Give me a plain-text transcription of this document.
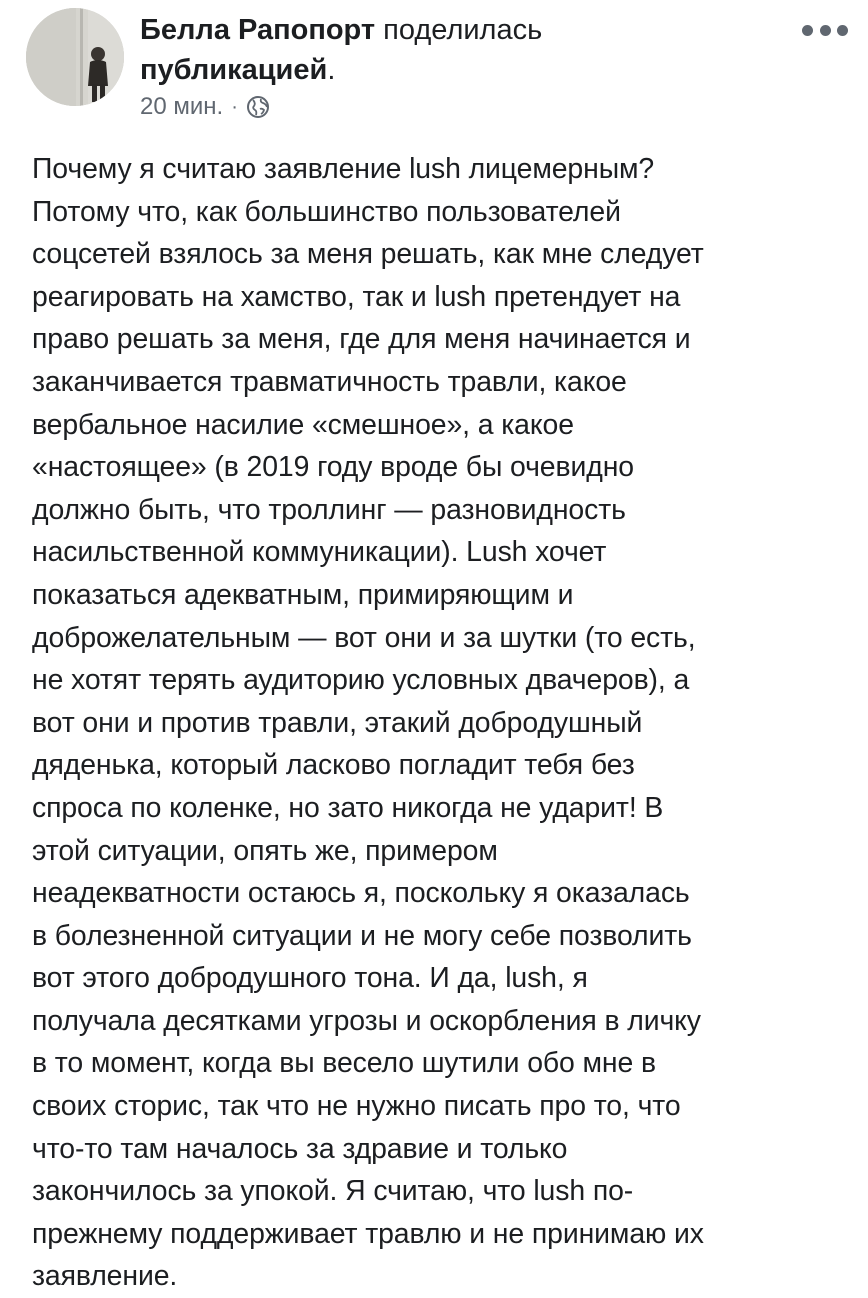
Белла Рапопорт поделилась
публикацией.
20 мин. ·
Почему я считаю заявление lush лицемерным?
Потому что, как большинство пользователей
соцсетей взялось за меня решать, как мне следует
реагировать на хамство, так и lush претендует на
право решать за меня, где для меня начинается и
заканчивается травматичность травли, какое
вербальное насилие «смешное», а какое
«настоящее» (в 2019 году вроде бы очевидно
должно быть, что троллинг — разновидность
насильственной коммуникации). Lush хочет
показаться адекватным, примиряющим и
доброжелательным — вот они и за шутки (то есть,
не хотят терять аудиторию условных двачеров), а
вот они и против травли, этакий добродушный
дяденька, который ласково погладит тебя без
спроса по коленке, но зато никогда не ударит! В
этой ситуации, опять же, примером
неадекватности остаюсь я, поскольку я оказалась
в болезненной ситуации и не могу себе позволить
вот этого добродушного тона. И да, lush, я
получала десятками угрозы и оскорбления в личку
в то момент, когда вы весело шутили обо мне в
своих сторис, так что не нужно писать про то, что
что-то там началось за здравие и только
закончилось за упокой. Я считаю, что lush по-
прежнему поддерживает травлю и не принимаю их
заявление.
